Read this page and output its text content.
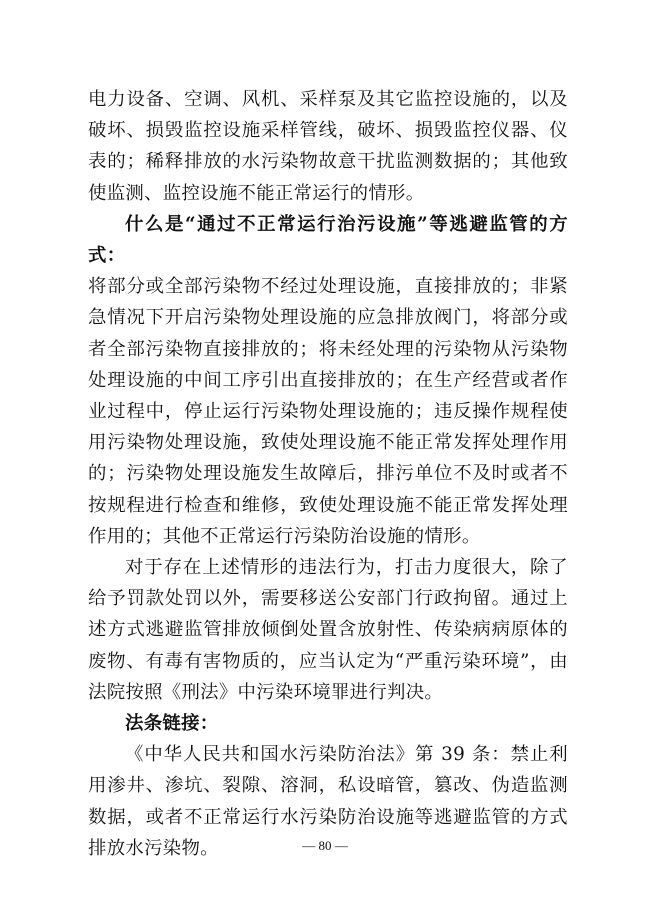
电力设备、空调、风机、采样泵及其它监控设施的，以及破坏、损毁监控设施采样管线，破坏、损毁监控仪器、仪表的；稀释排放的水污染物故意干扰监测数据的；其他致使监测、监控设施不能正常运行的情形。

什么是“通过不正常运行治污设施”等逃避监管的方式：

将部分或全部污染物不经过处理设施，直接排放的；非紧急情况下开启污染物处理设施的应急排放阀门，将部分或者全部污染物直接排放的；将未经处理的污染物从污染物处理设施的中间工序引出直接排放的；在生产经营或者作业过程中，停止运行污染物处理设施的；违反操作规程使用污染物处理设施，致使处理设施不能正常发挥处理作用的；污染物处理设施发生故障后，排污单位不及时或者不按规程进行检查和维修，致使处理设施不能正常发挥处理作用的；其他不正常运行污染防治设施的情形。

对于存在上述情形的违法行为，打击力度很大，除了给予罚款处罚以外，需要移送公安部门行政拘留。通过上述方式逃避监管排放倾倒处置含放射性、传染病病原体的废物、有毒有害物质的，应当认定为“严重污染环境”，由法院按照《刑法》中污染环境罪进行判决。

法条链接：

《中华人民共和国水污染防治法》第 39 条：禁止利用渗井、渗坑、裂隙、溶洞，私设暗管，篡改、伪造监测数据，或者不正常运行水污染防治设施等逃避监管的方式排放水污染物。	— 80 —
